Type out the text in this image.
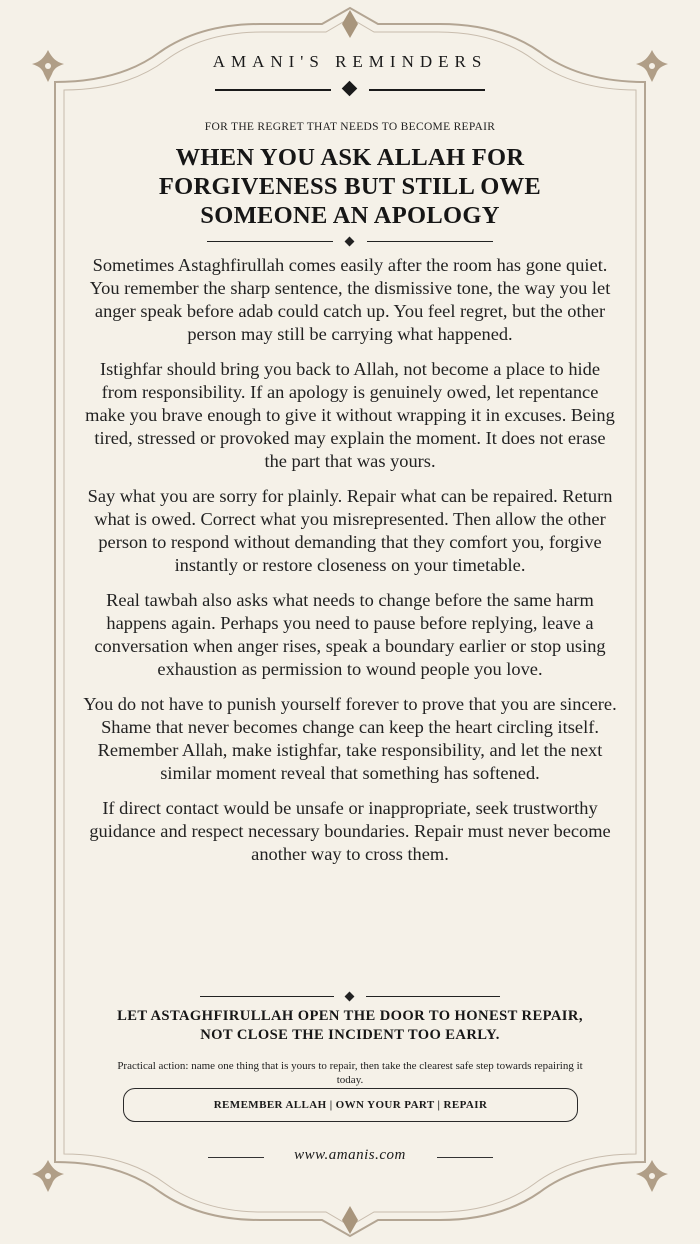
AMANI'S REMINDERS
FOR THE REGRET THAT NEEDS TO BECOME REPAIR
WHEN YOU ASK ALLAH FOR FORGIVENESS BUT STILL OWE SOMEONE AN APOLOGY

Sometimes Astaghfirullah comes easily after the room has gone quiet. You remember the sharp sentence, the dismissive tone, the way you let anger speak before adab could catch up. You feel regret, but the other person may still be carrying what happened.

Istighfar should bring you back to Allah, not become a place to hide from responsibility. If an apology is genuinely owed, let repentance make you brave enough to give it without wrapping it in excuses. Being tired, stressed or provoked may explain the moment. It does not erase the part that was yours.

Say what you are sorry for plainly. Repair what can be repaired. Return what is owed. Correct what you misrepresented. Then allow the other person to respond without demanding that they comfort you, forgive instantly or restore closeness on your timetable.

Real tawbah also asks what needs to change before the same harm happens again. Perhaps you need to pause before replying, leave a conversation when anger rises, speak a boundary earlier or stop using exhaustion as permission to wound people you love.

You do not have to punish yourself forever to prove that you are sincere. Shame that never becomes change can keep the heart circling itself. Remember Allah, make istighfar, take responsibility, and let the next similar moment reveal that something has softened.

If direct contact would be unsafe or inappropriate, seek trustworthy guidance and respect necessary boundaries. Repair must never become another way to cross them.

LET ASTAGHFIRULLAH OPEN THE DOOR TO HONEST REPAIR, NOT CLOSE THE INCIDENT TOO EARLY.
Practical action: name one thing that is yours to repair, then take the clearest safe step towards repairing it today.
REMEMBER ALLAH | OWN YOUR PART | REPAIR
www.amanis.com
